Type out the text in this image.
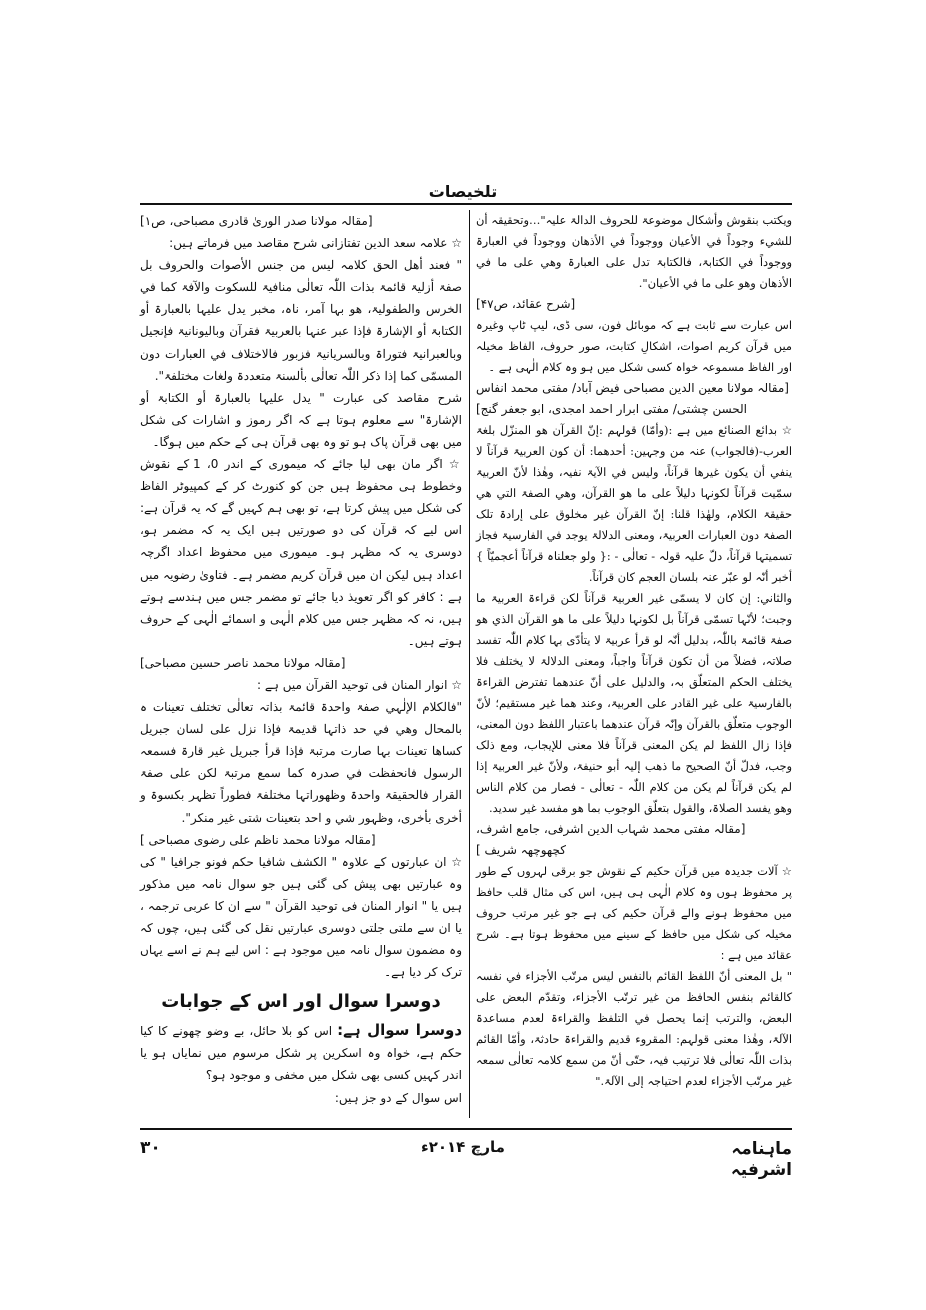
تلخیصات

ویکتب بنقوش وأشکال موضوعۃ للحروف الدالۃ علیہ"…وتحقیقہ أن للشيء وجوداً في الأعیان ووجوداً في الأذھان ووجوداً في العبارۃ ووجوداً في الکتابۃ، فالکتابۃ تدل علی العبارۃ وھي علی ما في الأذھان وھو علی ما في الأعیان".

[شرح عقائد، ص۴۷]

اس عبارت سے ثابت ہے کہ موبائل فون، سی ڈی، لیپ ٹاپ وغیرہ میں قرآن کریم اصوات، اشکالِ کتابت، صور حروف، الفاظ مخیلہ اور الفاظ مسموعہ خواہ کسی شکل میں ہو وہ کلام الٰہی ہے ۔

[مقالہ مولانا معین الدین مصباحی فیض آباد/ مفتی محمد انفاس الحسن چشتی/ مفتی ابرار احمد امجدی، ابو جعفر گنج]

☆ بدائع الصنائع میں ہے :(وأمّا) قولہم :إنّ القرآن ھو المنزّل بلغۃ العرب-(فالجواب) عنہ من وجہین: أحدھما: أن کون العربیۃ قرآناً لا ینفي أن یکون غیرھا قرآناً، ولیس في الآیۃ نفیہ، وھٰذا لأنّ العربیۃ سمّیت قرآناً لکونہا دلیلاً علی ما ھو القرآن، وھي الصفۃ التي ھي حقیقۃ الکلام، ولھٰذا قلنا: إنّ القرآن غیر مخلوق علی إرادۃ تلک الصفۃ دون العبارات العربیۃ، ومعنی الدلالۃ یوجد في الفارسیۃ فجاز تسمیتہا قرآناً، دلّ علیہ قولہ - تعالٰی - :{ ولو جعلناہ قرآناً أعجمیّاً } أخبر أنّہ لو عبّر عنہ بلسان العجم کان قرآناً.

والثاني: إن کان لا یسمّی غیر العربیۃ قرآناً لکن قراءۃ العربیۃ ما وجبت؛ لأنّہا تسمّی قرآناً بل لکونہا دلیلاً علی ما ھو القرآن الذي ھو صفۃ قائمۃ باللّٰہ، بدلیل أنّہ لو قرأ عربیۃ لا یتأدّی بہا کلام اللّٰہ تفسد صلاتہ، فضلاً من أن تکون قرآناً واجباً، ومعنی الدلالۃ لا یختلف فلا یختلف الحکم المتعلّق بہ، والدلیل علی أنّ عندھما تفترض القراءۃ بالفارسیۃ علی غیر القادر علی العربیۃ، وعند ھما غیر مستقیم؛ لأنّ الوجوب متعلّق بالقرآن وإنّہ قرآن عندھما باعتبار اللفظ دون المعنی، فإذا زال اللفظ لم یکن المعنی قرآناً فلا معنی للإیجاب، ومع ذلک وجب، فدلّ أنّ الصحیح ما ذھب إلیہ أبو حنیفۃ، ولأنّ غیر العربیۃ إذا لم یکن قرآناً لم یکن من کلام اللّٰہ - تعالٰی - فصار من کلام الناس وھو یفسد الصلاۃ، والقول بتعلّق الوجوب بما ھو مفسد غیر سدید.

[مقالہ مفتی محمد شہاب الدین اشرفی، جامع اشرف، کچھوچھہ شریف ]

☆ آلات جدیدہ میں قرآن حکیم کے نقوش جو برقی لہروں کے طور پر محفوظ ہوں وہ کلام الٰہی ہی ہیں، اس کی مثال قلب حافظ میں محفوظ ہونے والے قرآن حکیم کی ہے جو غیر مرتب حروف مخیلہ کی شکل میں حافظ کے سینے میں محفوظ ہوتا ہے۔ شرح عقائد میں ہے :

" بل المعنی أنّ اللفظ القائم بالنفس لیس مرتّب الأجزاء في نفسہ کالقائم بنفس الحافظ من غیر ترتّب الأجزاء، وتقدّم البعض علی البعض، والترتب إنما یحصل في التلفظ والقراءۃ لعدم مساعدۃ الآلۃ، وھٰذا معنی قولہم: المقروء قدیم والقراءۃ حادثۃ، وأمّا القائم بذات اللّٰہ تعالٰی فلا ترتیب فیہ، حتّی أنّ من سمع کلامہ تعالٰی سمعہ غیر مرتّب الأجزاء لعدم احتیاجہ إلی الآلۃ."

[مقالہ مولانا صدر الوریٰ قادری مصباحی، ص۱]

☆ علامہ سعد الدین تفتازانی شرح مقاصد میں فرماتے ہیں:

" فعند أھل الحق کلامہ لیس من جنس الأصوات والحروف بل صفۃ أزلیۃ قائمۃ بذات اللّٰہ تعالٰی منافیۃ للسکوت والآفۃ کما في الخرس والطفولیۃ، ھو بہا آمر، ناہ، مخبر یدل علیہا بالعبارۃ أو الکتابۃ أو الإشارۃ فإذا عبر عنہا بالعربیۃ فقرآن وبالیونانیۃ فإنجیل وبالعبرانیۃ فتوراۃ وبالسریانیۃ فزبور فالاختلاف في العبارات دون المسمّی کما إذا ذکر اللّٰہ تعالٰی بألسنۃ متعددۃ ولغات مختلفۃ".

شرح مقاصد کی عبارت " یدل علیہا بالعبارۃ أو الکتابۃ أو الإشارۃ" سے معلوم ہوتا ہے کہ اگر رموز و اشارات کی شکل میں بھی قرآن پاک ہو تو وہ بھی قرآن ہی کے حکم میں ہوگا۔

☆ اگر مان بھی لیا جائے کہ میموری کے اندر 0، 1 کے نقوش وخطوط ہی محفوظ ہیں جن کو کنورٹ کر کے کمپیوٹر الفاظ کی شکل میں پیش کرتا ہے، تو بھی ہم کہیں گے کہ یہ قرآن ہے: اس لیے کہ قرآن کی دو صورتیں ہیں ایک یہ کہ مضمر ہو، دوسری یہ کہ مظہر ہو۔ میموری میں محفوظ اعداد اگرچہ اعداد ہیں لیکن ان میں قرآن کریم مضمر ہے۔ فتاویٰ رضویہ میں ہے : کافر کو اگر تعویذ دیا جائے تو مضمر جس میں ہندسے ہوتے ہیں، نہ کہ مظہر جس میں کلام الٰہی و اسمائے الٰہی کے حروف ہوتے ہیں۔

[مقالہ مولانا محمد ناصر حسین مصباحی]

☆ انوار المنان فی توحید القرآن میں ہے :

"فالکلام الإلٰہي صفۃ واحدۃ قائمۃ بذاتہ تعالٰی تختلف تعینات ہ بالمحال وھي في حد ذاتہا قدیمۃ فإذا نزل علی لسان جبریل کساھا تعینات بہا صارت مرتبۃ فإذا قرأ جبریل غیر قارۃ فسمعہ الرسول فانحفظت في صدرہ کما سمع مرتبۃ لکن علی صفۃ القرار فالحقیقۃ واحدۃ وظھوراتہا مختلفۃ فطوراً تظہر بکسوۃ و أخری بأخری، وظہور شي و احد بتعینات شتی غیر منکر".

[مقالہ مولانا محمد ناظم علی رضوی مصباحی ]

☆ ان عبارتوں کے علاوہ " الکشف شافیا حکم فونو جرافیا " کی وہ عبارتیں بھی پیش کی گئی ہیں جو سوال نامہ میں مذکور ہیں یا " انوار المنان فی توحید القرآن " سے ان کا عربی ترجمہ ، یا ان سے ملتی جلتی دوسری عبارتیں نقل کی گئی ہیں، چوں کہ وہ مضمون سوال نامہ میں موجود ہے : اس لیے ہم نے اسے یہاں ترک کر دیا ہے۔

دوسرا سوال اور اس کے جوابات

دوسرا سوال ہے: اس کو بلا حائل، بے وضو چھونے کا کیا حکم ہے، خواہ وہ اسکرین پر شکل مرسوم میں نمایاں ہو یا اندر کہیں کسی بھی شکل میں مخفی و موجود ہو؟

اس سوال کے دو جز ہیں:

ماہنامہ اشرفیہ
مارچ ۲۰۱۴ء
۳۰
